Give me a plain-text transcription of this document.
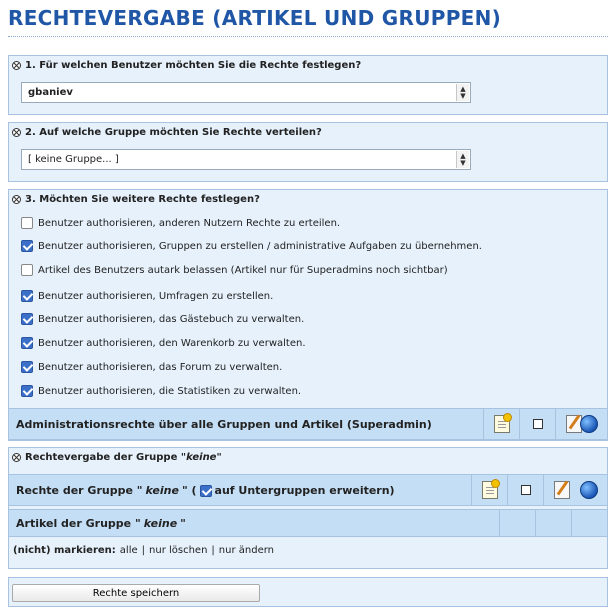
RECHTEVERGABE (ARTIKEL UND GRUPPEN)
1. Für welchen Benutzer möchten Sie die Rechte festlegen?
gbaniev	▲
▼
2. Auf welche Gruppe möchten Sie Rechte verteilen?
[ keine Gruppe... ]	▲
▼
3. Möchten Sie weitere Rechte festlegen?
Benutzer authorisieren, anderen Nutzern Rechte zu erteilen.
Benutzer authorisieren, Gruppen zu erstellen / administrative Aufgaben zu übernehmen.
Artikel des Benutzers autark belassen (Artikel nur für Superadmins noch sichtbar)
Benutzer authorisieren, Umfragen zu erstellen.
Benutzer authorisieren, das Gästebuch zu verwalten.
Benutzer authorisieren, den Warenkorb zu verwalten.
Benutzer authorisieren, das Forum zu verwalten.
Benutzer authorisieren, die Statistiken zu verwalten.
Administrationsrechte über alle Gruppen und Artikel (Superadmin)
Rechtevergabe der Gruppe "keine"
Rechte der Gruppe " keine " ( auf Untergruppen erweitern)
Artikel der Gruppe " keine "
(nicht) markieren: alle | nur löschen | nur ändern
Rechte speichern
